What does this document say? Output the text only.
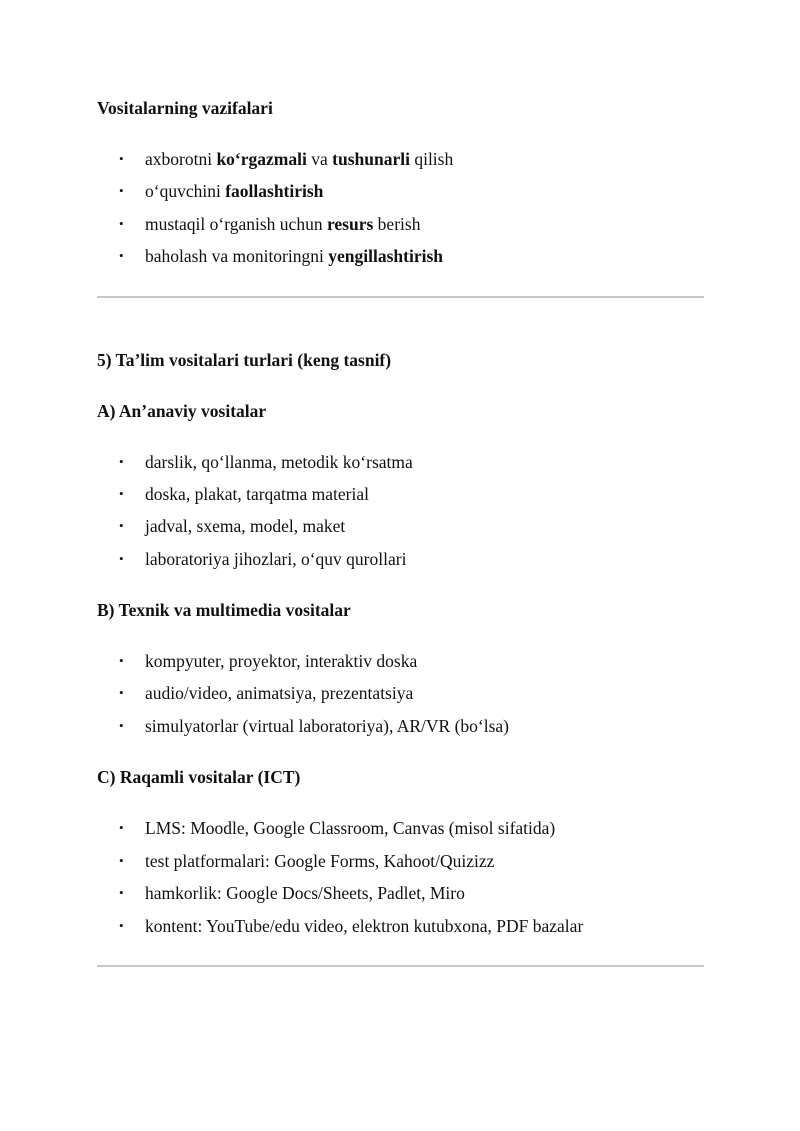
Vositalarning vazifalari
• axborotni ko‘rgazmali va tushunarli qilish
• o‘quvchini faollashtirish
• mustaqil o‘rganish uchun resurs berish
• baholash va monitoringni yengillashtirish
5) Ta’lim vositalari turlari (keng tasnif)
A) An’anaviy vositalar
• darslik, qo‘llanma, metodik ko‘rsatma
• doska, plakat, tarqatma material
• jadval, sxema, model, maket
• laboratoriya jihozlari, o‘quv qurollari
B) Texnik va multimedia vositalar
• kompyuter, proyektor, interaktiv doska
• audio/video, animatsiya, prezentatsiya
• simulyatorlar (virtual laboratoriya), AR/VR (bo‘lsa)
C) Raqamli vositalar (ICT)
• LMS: Moodle, Google Classroom, Canvas (misol sifatida)
• test platformalari: Google Forms, Kahoot/Quizizz
• hamkorlik: Google Docs/Sheets, Padlet, Miro
• kontent: YouTube/edu video, elektron kutubxona, PDF bazalar
